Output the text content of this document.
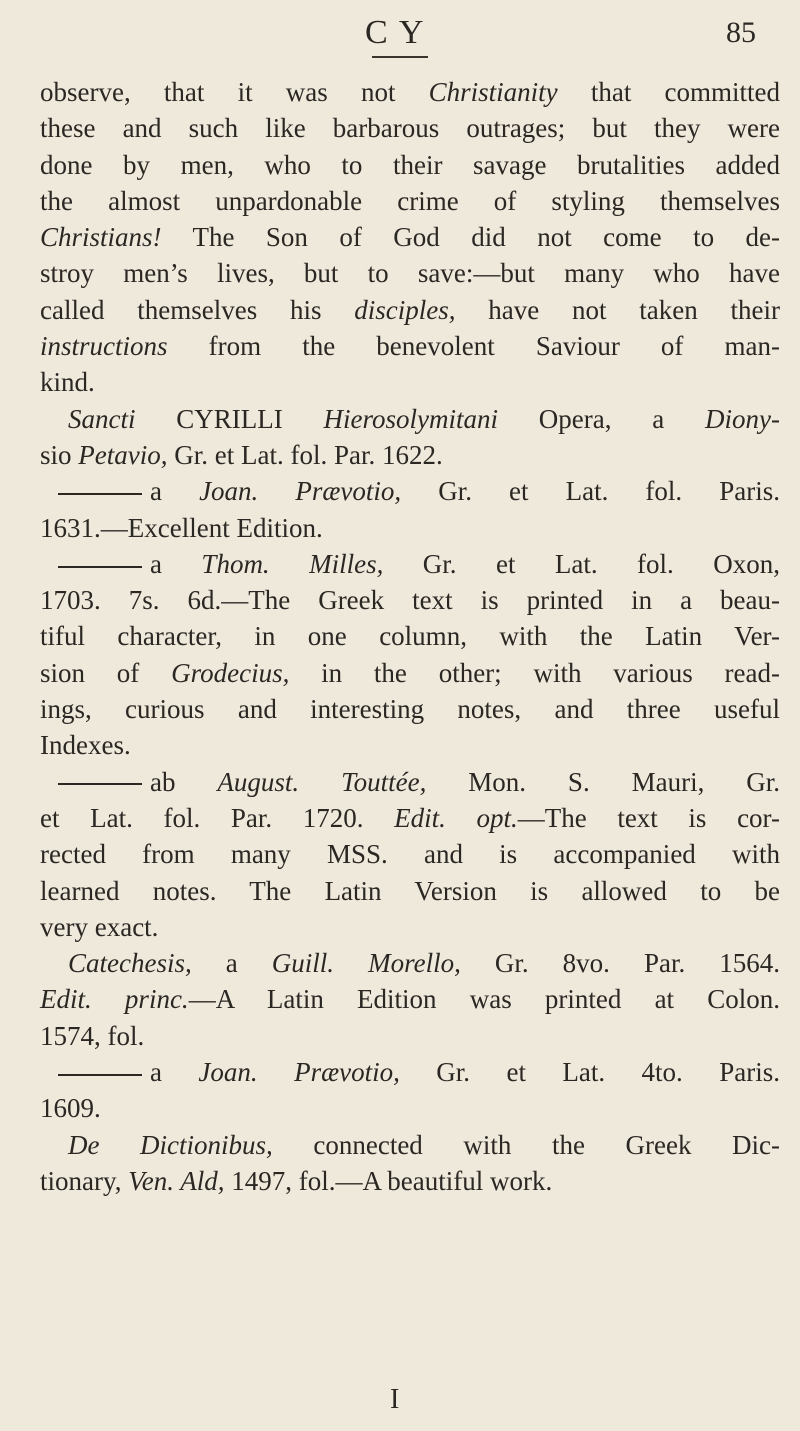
C Y	85
observe, that it was not Christianity that committed
these and such like barbarous outrages; but they were
done by men, who to their savage brutalities added
the almost unpardonable crime of styling themselves
Christians! The Son of God did not come to de-
stroy men’s lives, but to save:—but many who have
called themselves his disciples, have not taken their
instructions from the benevolent Saviour of man-
kind.
Sancti CYRILLI Hierosolymitani Opera, a Diony-
sio Petavio, Gr. et Lat. fol. Par. 1622.
a Joan. Prævotio, Gr. et Lat. fol. Paris.
1631.—Excellent Edition.
a Thom. Milles, Gr. et Lat. fol. Oxon,
1703. 7s. 6d.—The Greek text is printed in a beau-
tiful character, in one column, with the Latin Ver-
sion of Grodecius, in the other; with various read-
ings, curious and interesting notes, and three useful
Indexes.
ab August. Touttée, Mon. S. Mauri, Gr.
et Lat. fol. Par. 1720. Edit. opt.—The text is cor-
rected from many MSS. and is accompanied with
learned notes. The Latin Version is allowed to be
very exact.
Catechesis, a Guill. Morello, Gr. 8vo. Par. 1564.
Edit. princ.—A Latin Edition was printed at Colon.
1574, fol.
a Joan. Prævotio, Gr. et Lat. 4to. Paris.
1609.
De Dictionibus, connected with the Greek Dic-
tionary, Ven. Ald, 1497, fol.—A beautiful work.
I
